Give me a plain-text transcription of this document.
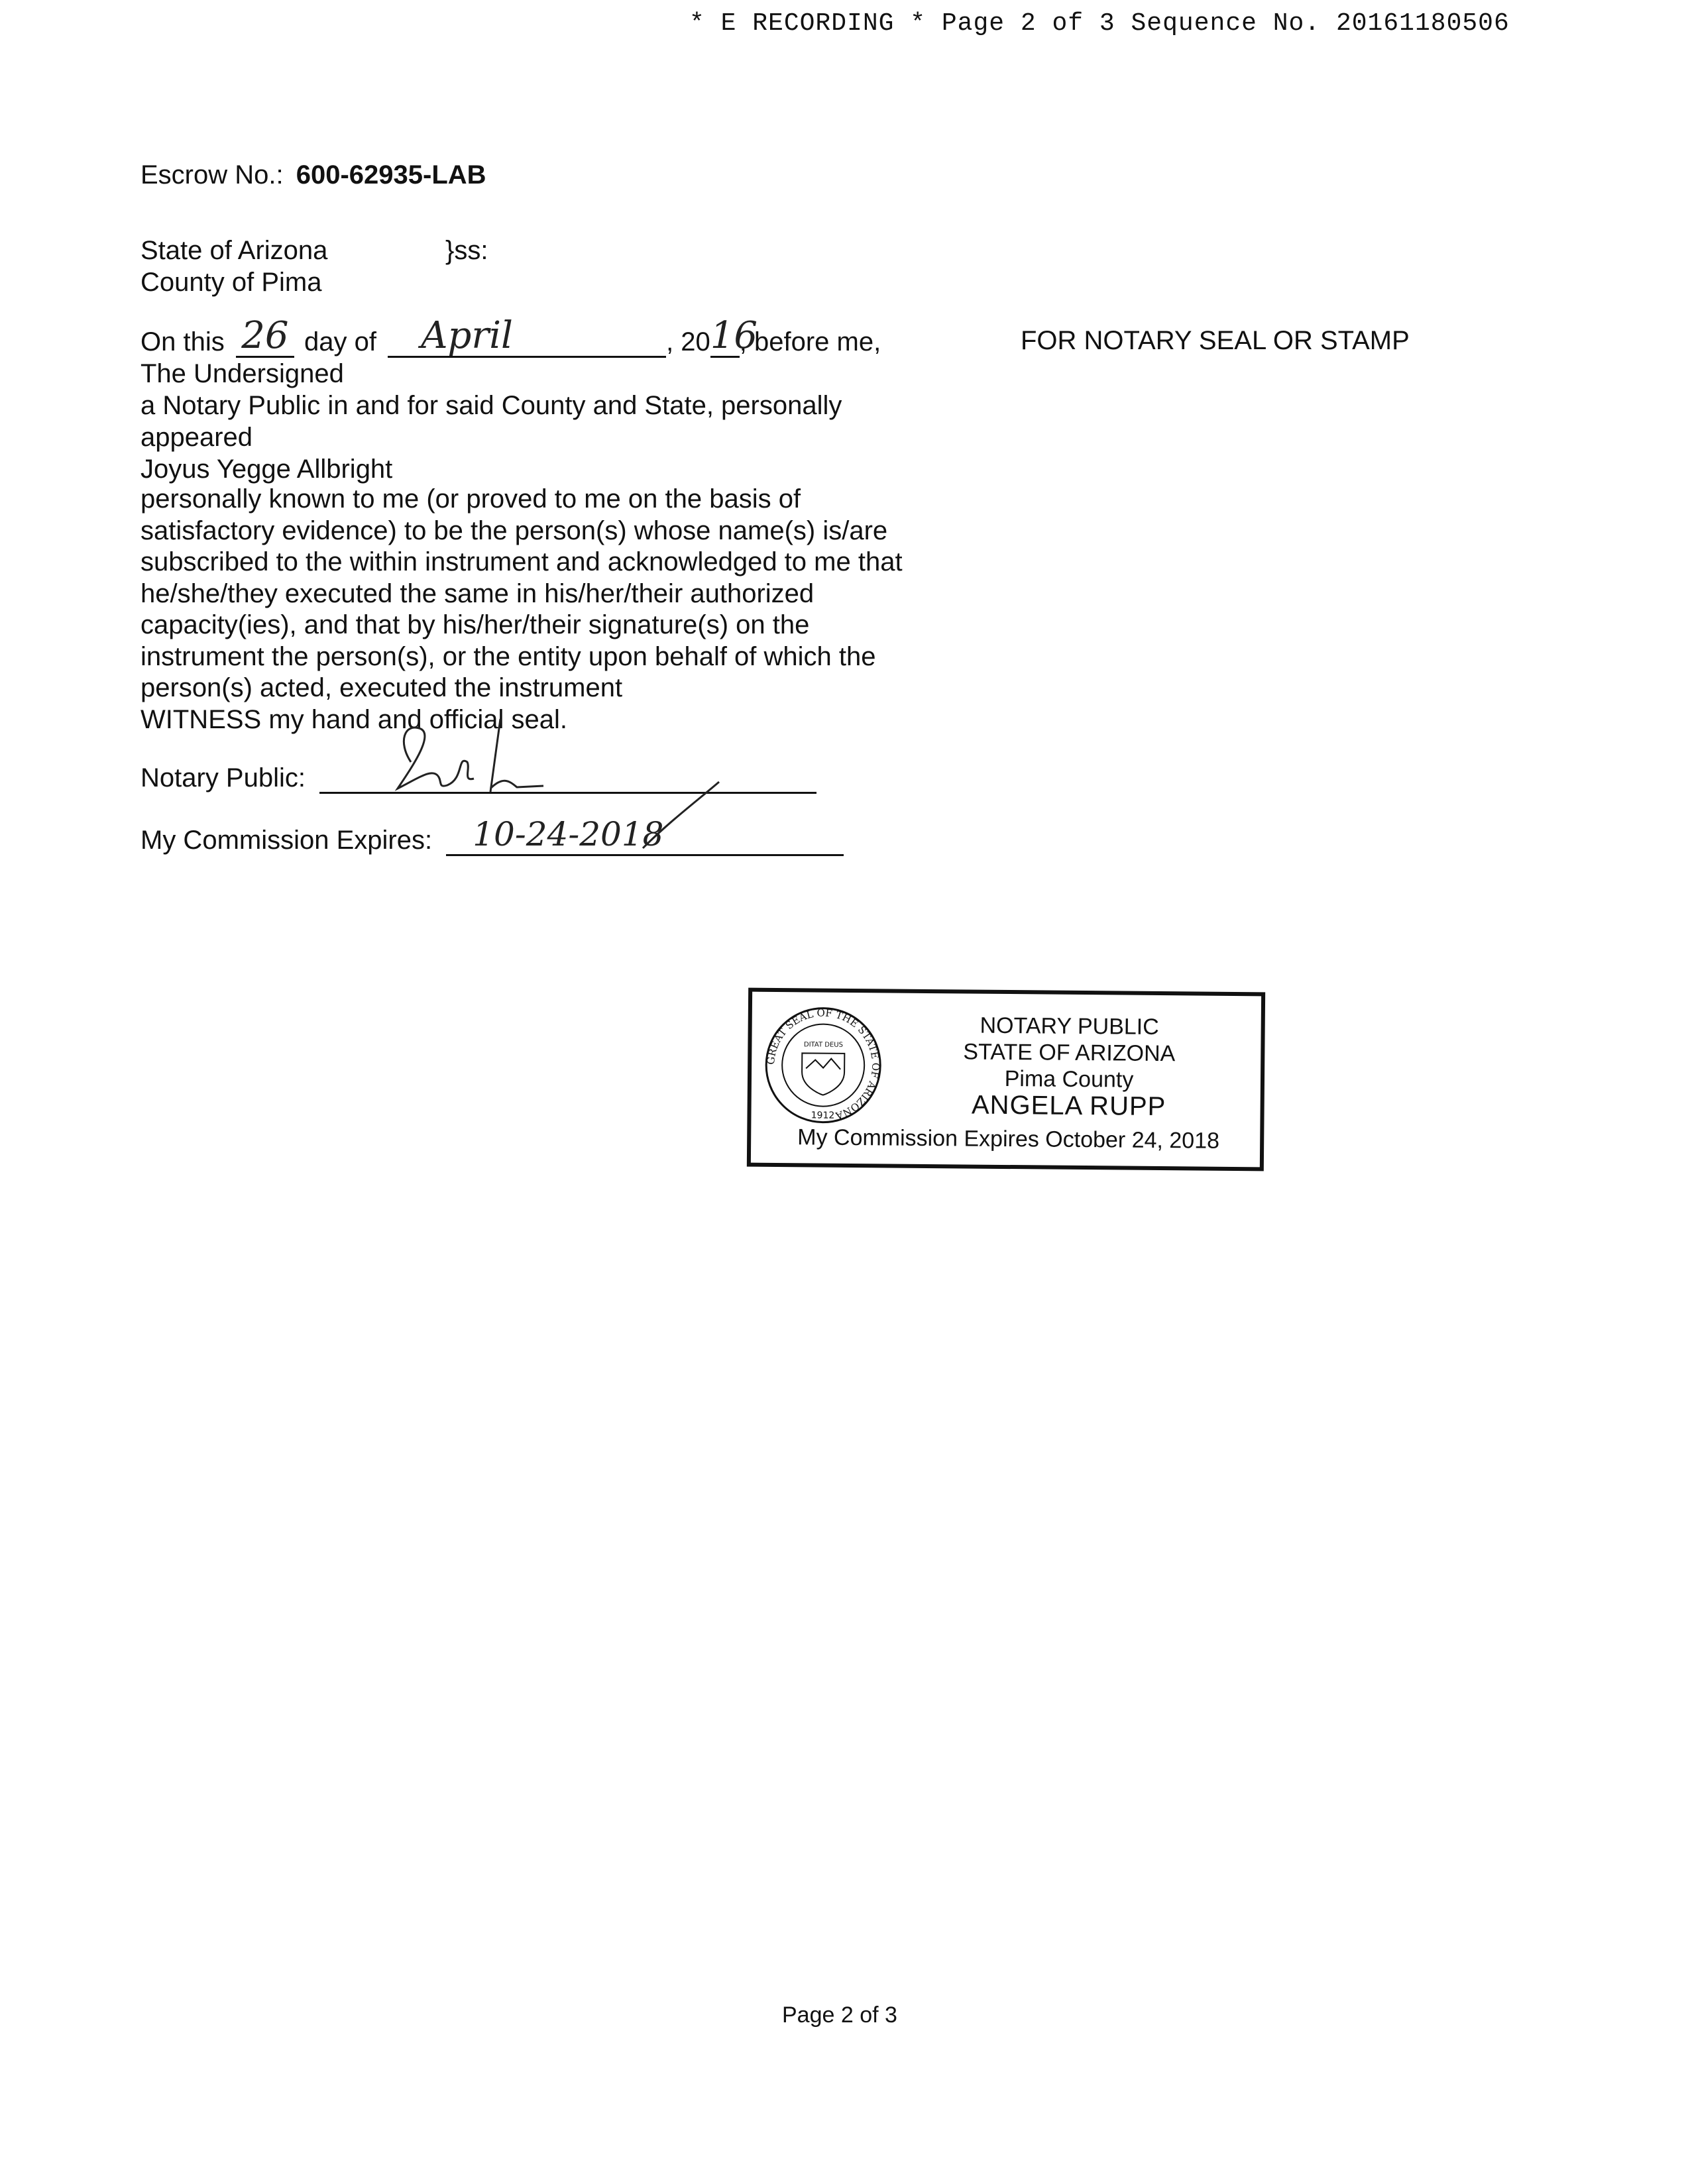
* E RECORDING * Page 2 of 3 Sequence No. 20161180506
Escrow No.: 600-62935-LAB
State of Arizona	}ss:
County of Pima
On this 26 day of	April	, 20 16
, before me,	FOR NOTARY SEAL OR STAMP
The Undersigned
a Notary Public in and for said County and State, personally
appeared
Joyus Yegge Allbright
personally known to me (or proved to me on the basis of
satisfactory evidence) to be the person(s) whose name(s) is/are
subscribed to the within instrument and acknowledged to me that
he/she/they executed the same in his/her/their authorized
capacity(ies), and that by his/her/their signature(s) on the
instrument the person(s), or the entity upon behalf of which the
person(s) acted, executed the instrument
WITNESS my hand and official seal.
Notary Public:
My Commission Expires:	10-24-2018
GREAT SEAL OF THE STATE OF ARIZONA
DITAT DEUS
1912
NOTARY PUBLIC
STATE OF ARIZONA
Pima County
ANGELA RUPP
My Commission Expires October 24, 2018
Page 2 of 3
